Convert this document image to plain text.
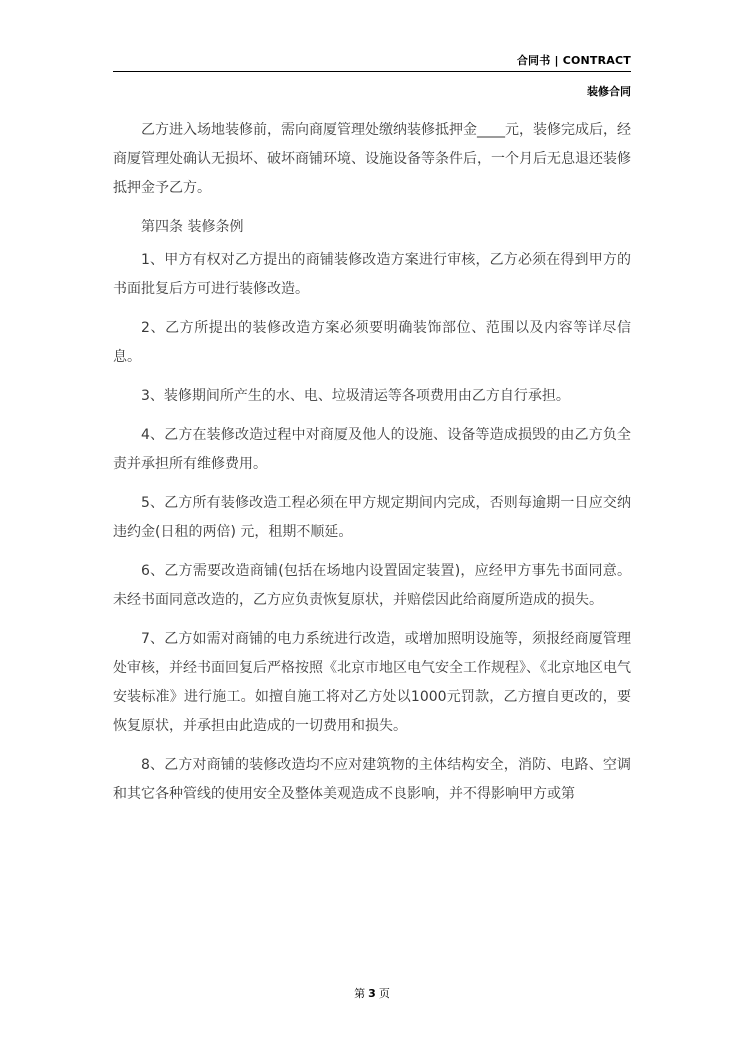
合同书 | CONTRACT
装修合同

乙方进入场地装修前，需向商厦管理处缴纳装修抵押金____元，装修完成后，经商厦管理处确认无损坏、破坏商铺环境、设施设备等条件后，一个月后无息退还装修抵押金予乙方。

第四条 装修条例

1、甲方有权对乙方提出的商铺装修改造方案进行审核，乙方必须在得到甲方的书面批复后方可进行装修改造。

2、乙方所提出的装修改造方案必须要明确装饰部位、范围以及内容等详尽信息。

3、装修期间所产生的水、电、垃圾清运等各项费用由乙方自行承担。

4、乙方在装修改造过程中对商厦及他人的设施、设备等造成损毁的由乙方负全责并承担所有维修费用。

5、乙方所有装修改造工程必须在甲方规定期间内完成，否则每逾期一日应交纳违约金(日租的两倍) 元，租期不顺延。

6、乙方需要改造商铺(包括在场地内设置固定装置)，应经甲方事先书面同意。未经书面同意改造的，乙方应负责恢复原状，并赔偿因此给商厦所造成的损失。

7、乙方如需对商铺的电力系统进行改造，或增加照明设施等，须报经商厦管理处审核，并经书面回复后严格按照《北京市地区电气安全工作规程》、《北京地区电气安装标准》进行施工。如擅自施工将对乙方处以1000元罚款，乙方擅自更改的，要恢复原状，并承担由此造成的一切费用和损失。

8、乙方对商铺的装修改造均不应对建筑物的主体结构安全，消防、电路、空调和其它各种管线的使用安全及整体美观造成不良影响，并不得影响甲方或第

第 3 页
